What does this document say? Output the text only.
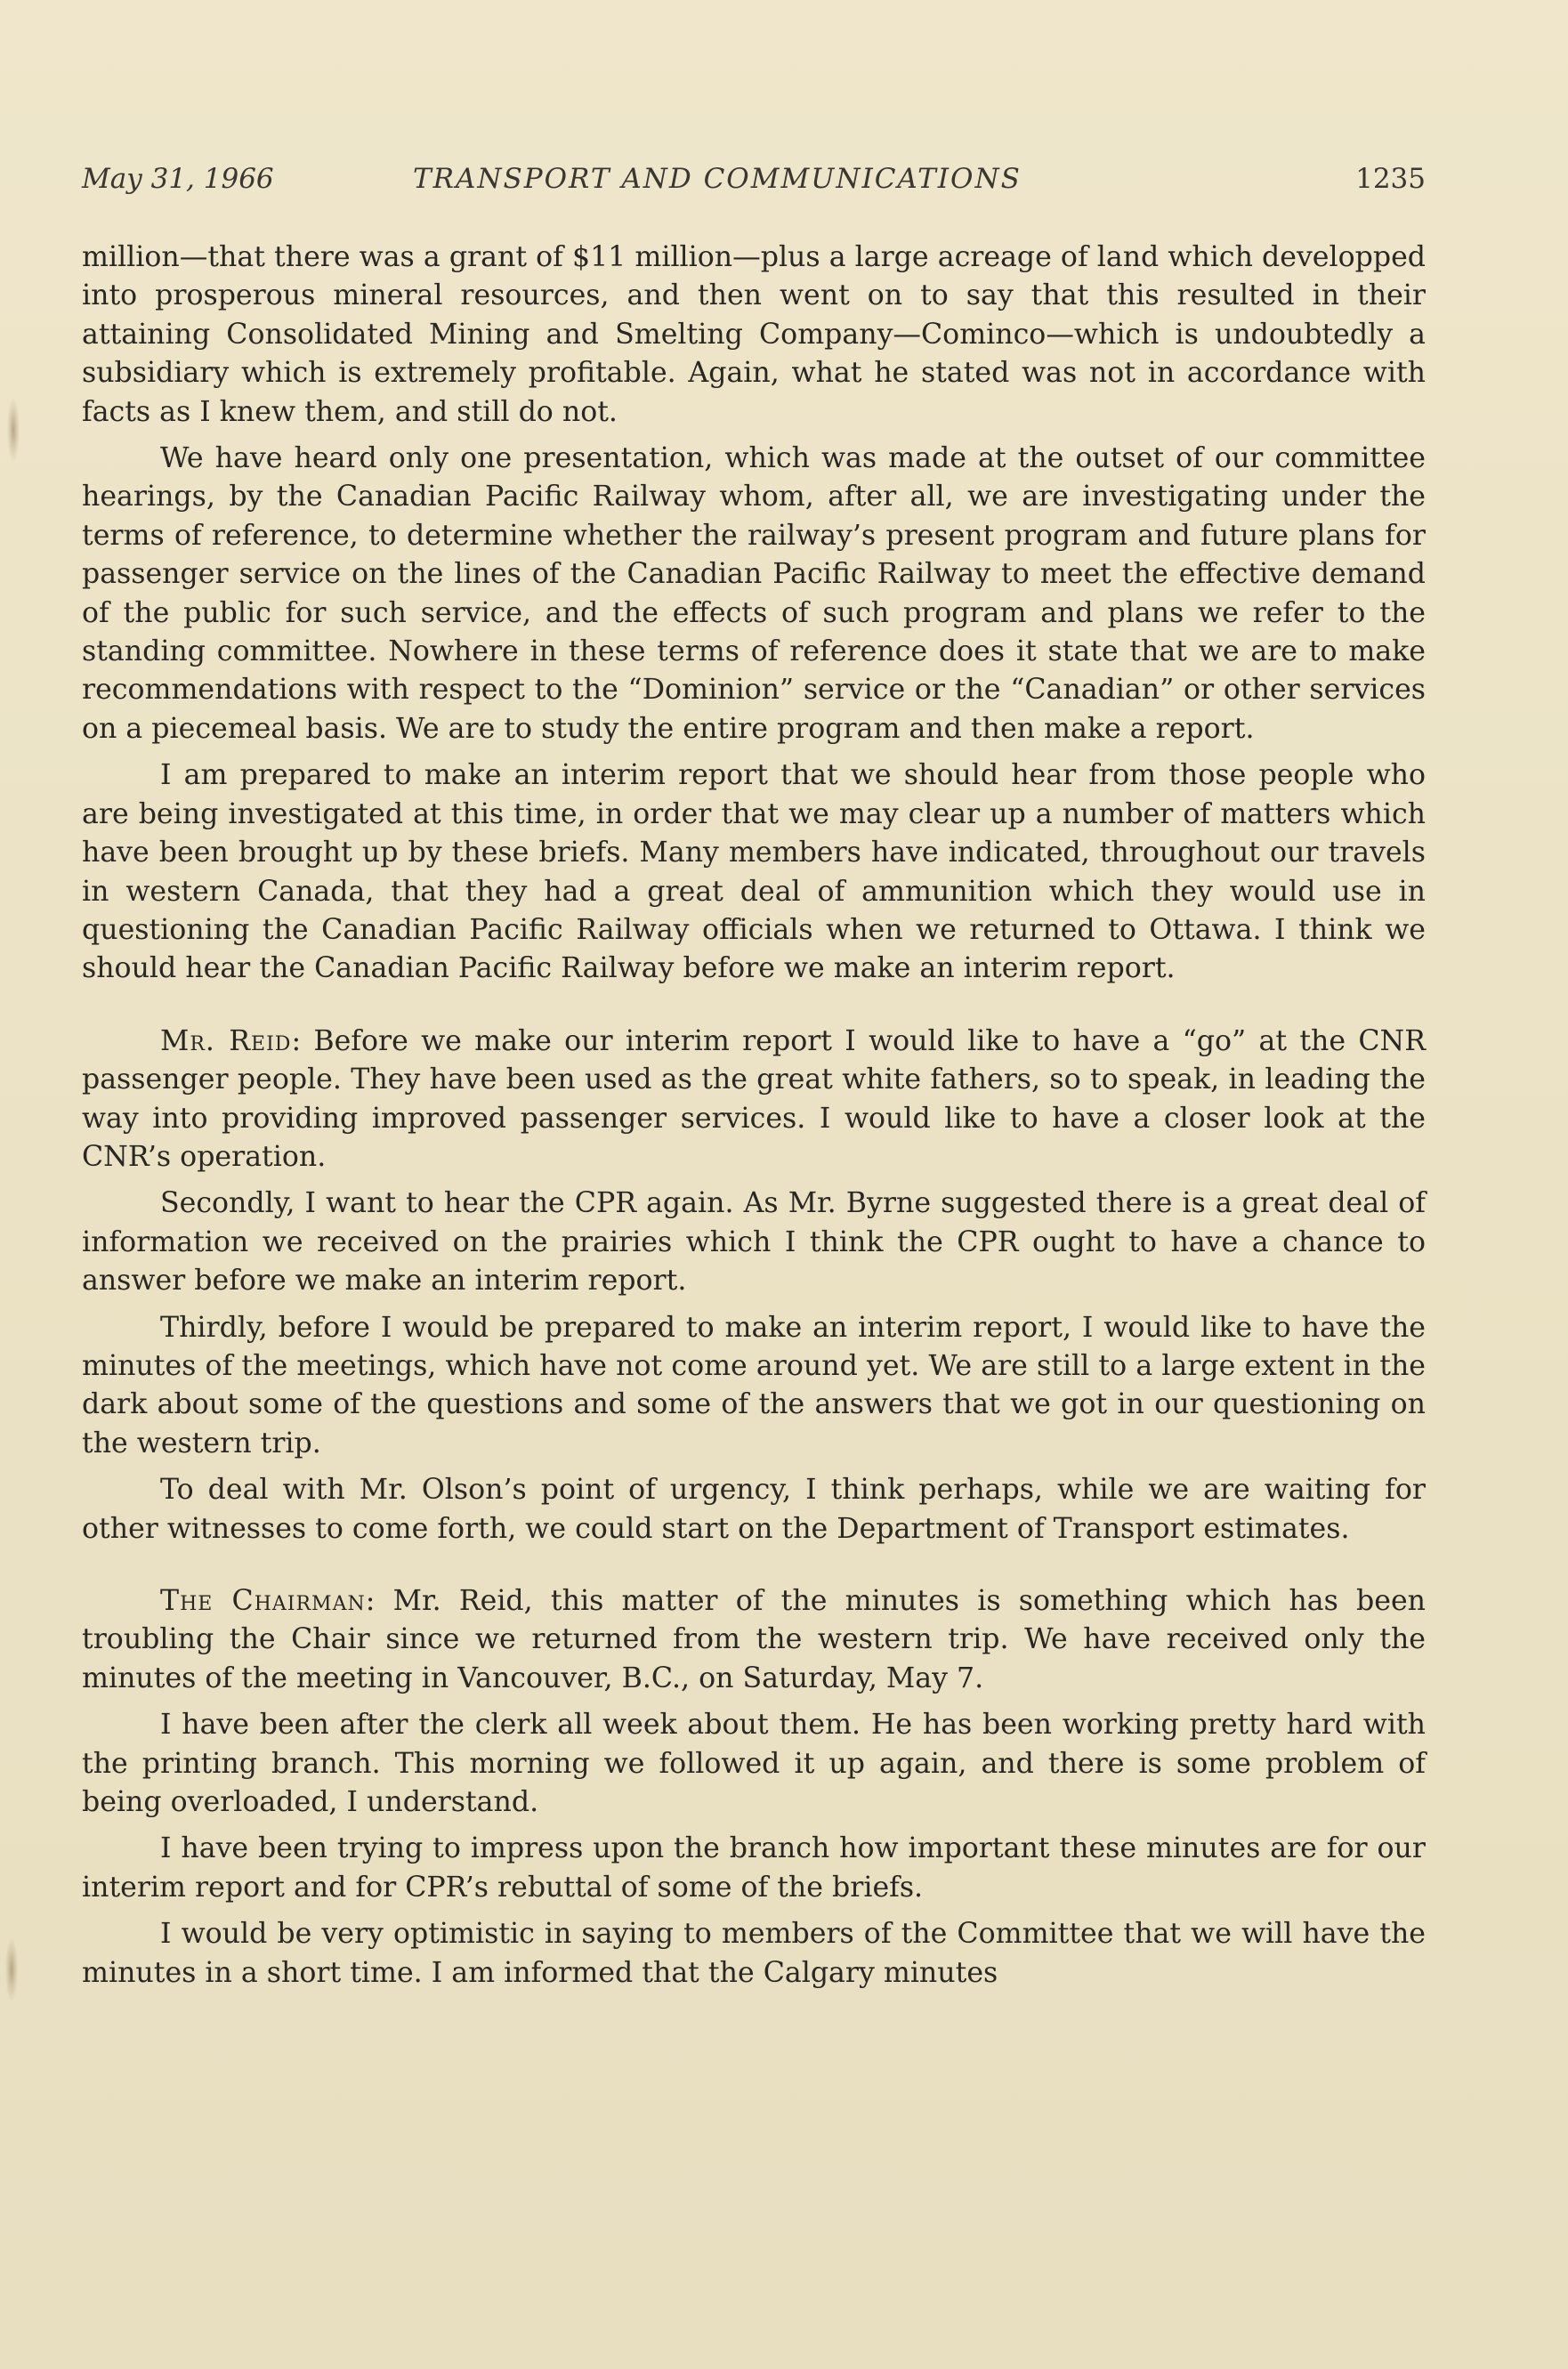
May 31, 1966	TRANSPORT AND COMMUNICATIONS	1235

million—that there was a grant of $11 million—plus a large acreage of land which developped into prosperous mineral resources, and then went on to say that this resulted in their attaining Consolidated Mining and Smelting Company—Cominco—which is undoubtedly a subsidiary which is extremely profitable. Again, what he stated was not in accordance with facts as I knew them, and still do not.

We have heard only one presentation, which was made at the outset of our committee hearings, by the Canadian Pacific Railway whom, after all, we are investigating under the terms of reference, to determine whether the railway’s present program and future plans for passenger service on the lines of the Canadian Pacific Railway to meet the effective demand of the public for such service, and the effects of such program and plans we refer to the standing committee. Nowhere in these terms of reference does it state that we are to make recommendations with respect to the “Dominion” service or the “Canadian” or other services on a piecemeal basis. We are to study the entire program and then make a report.

I am prepared to make an interim report that we should hear from those people who are being investigated at this time, in order that we may clear up a number of matters which have been brought up by these briefs. Many members have indicated, throughout our travels in western Canada, that they had a great deal of ammunition which they would use in questioning the Canadian Pacific Railway officials when we returned to Ottawa. I think we should hear the Canadian Pacific Railway before we make an interim report.

Mr. Reid: Before we make our interim report I would like to have a “go” at the CNR passenger people. They have been used as the great white fathers, so to speak, in leading the way into providing improved passenger services. I would like to have a closer look at the CNR’s operation.

Secondly, I want to hear the CPR again. As Mr. Byrne suggested there is a great deal of information we received on the prairies which I think the CPR ought to have a chance to answer before we make an interim report.

Thirdly, before I would be prepared to make an interim report, I would like to have the minutes of the meetings, which have not come around yet. We are still to a large extent in the dark about some of the questions and some of the answers that we got in our questioning on the western trip.

To deal with Mr. Olson’s point of urgency, I think perhaps, while we are waiting for other witnesses to come forth, we could start on the Department of Transport estimates.

The Chairman: Mr. Reid, this matter of the minutes is something which has been troubling the Chair since we returned from the western trip. We have received only the minutes of the meeting in Vancouver, B.C., on Saturday, May 7.

I have been after the clerk all week about them. He has been working pretty hard with the printing branch. This morning we followed it up again, and there is some problem of being overloaded, I understand.

I have been trying to impress upon the branch how important these minutes are for our interim report and for CPR’s rebuttal of some of the briefs.

I would be very optimistic in saying to members of the Committee that we will have the minutes in a short time. I am informed that the Calgary minutes
